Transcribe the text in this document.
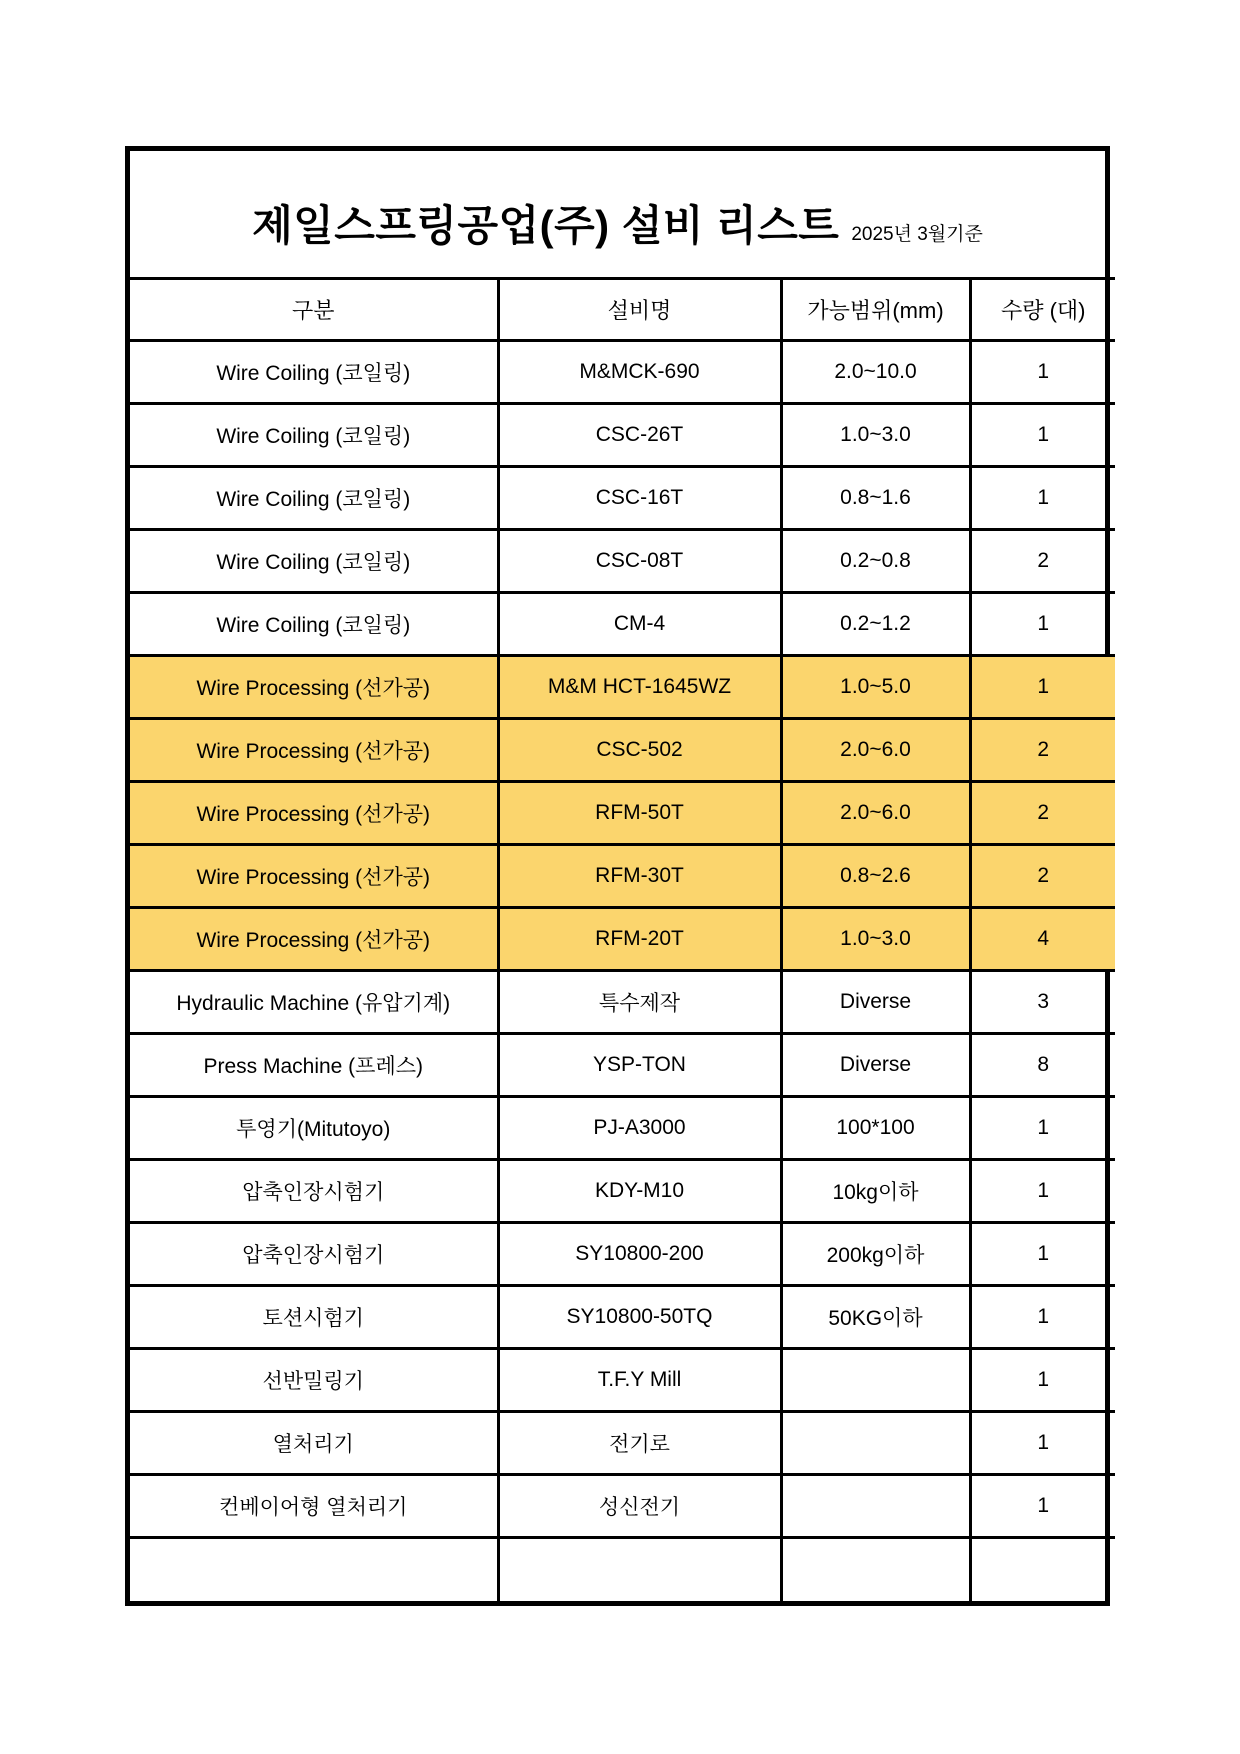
제일스프링공업(주) 설비 리스트 2025년 3월기준
구분	설비명	가능범위(mm)	수량 (대)
Wire Coiling (코일링)	M&MCK-690	2.0~10.0	1
Wire Coiling (코일링)	CSC-26T	1.0~3.0	1
Wire Coiling (코일링)	CSC-16T	0.8~1.6	1
Wire Coiling (코일링)	CSC-08T	0.2~0.8	2
Wire Coiling (코일링)	CM-4	0.2~1.2	1
Wire Processing (선가공)	M&M HCT-1645WZ	1.0~5.0	1
Wire Processing (선가공)	CSC-502	2.0~6.0	2
Wire Processing (선가공)	RFM-50T	2.0~6.0	2
Wire Processing (선가공)	RFM-30T	0.8~2.6	2
Wire Processing (선가공)	RFM-20T	1.0~3.0	4
Hydraulic Machine (유압기계)	특수제작	Diverse	3
Press Machine (프레스)	YSP-TON	Diverse	8
투영기(Mitutoyo)	PJ-A3000	100*100	1
압축인장시험기	KDY-M10	10kg이하	1
압축인장시험기	SY10800-200	200kg이하	1
토션시험기	SY10800-50TQ	50KG이하	1
선반밀링기	T.F.Y Mill		1
열처리기	전기로		1
컨베이어형 열처리기	성신전기		1
